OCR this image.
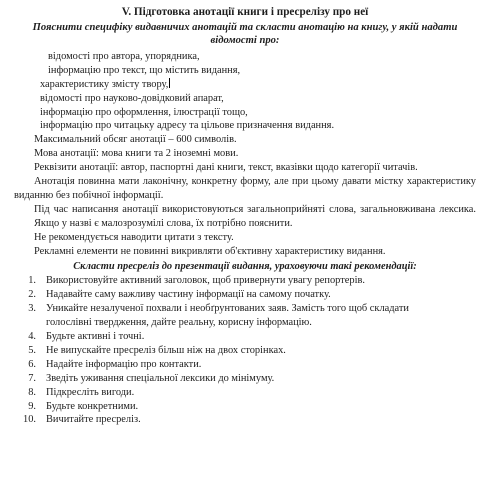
V. Підготовка анотації книги і пресрелізу про неї
Пояснити специфіку видавничих анотацій та скласти анотацію на книгу, у якій надати відомості про:
відомості про автора, упорядника,
інформацію про текст, що містить видання,
характеристику змісту твору,
відомості про науково-довідковий апарат,
інформацію про оформлення, ілюстрації тощо,
інформацію про читацьку адресу та цільове призначення видання.
Максимальний обсяг анотації – 600 символів.
Мова анотації: мова книги та 2 іноземні мови.
Реквізити анотації: автор, паспортні дані книги, текст, вказівки щодо категорії читачів.
Анотація повинна мати лаконічну, конкретну форму, але при цьому давати місткy характеристику виданню без побічної інформації.
Під час написання анотації використовуються загальноприйняті слова, загальновживана лексика.
Якщо у назві є малозрозумілі слова, їх потрібно пояснити.
Не рекомендується наводити цитати з тексту.
Рекламні елементи не повинні викривляти об'єктивну характеристику видання.
Скласти пресреліз до презентації видання, ураховуючи такі рекомендації:
1. Використовуйте активний заголовок, щоб привернути увагу репортерів.
2. Надавайте саму важливу частину інформації на самому початку.
3. Уникайте незалученої похвали і необґрунтованих заяв. Замість того щоб складати
голослівні твердження, дайте реальну, корисну інформацію.
4. Будьте активні і точні.
5. Не випускайте пресреліз більш ніж на двох сторінках.
6. Надайте інформацію про контакти.
7. Зведіть уживання спеціальної лексики до мінімуму.
8. Підкресліть вигоди.
9. Будьте конкретними.
10. Вичитайте пресреліз.
